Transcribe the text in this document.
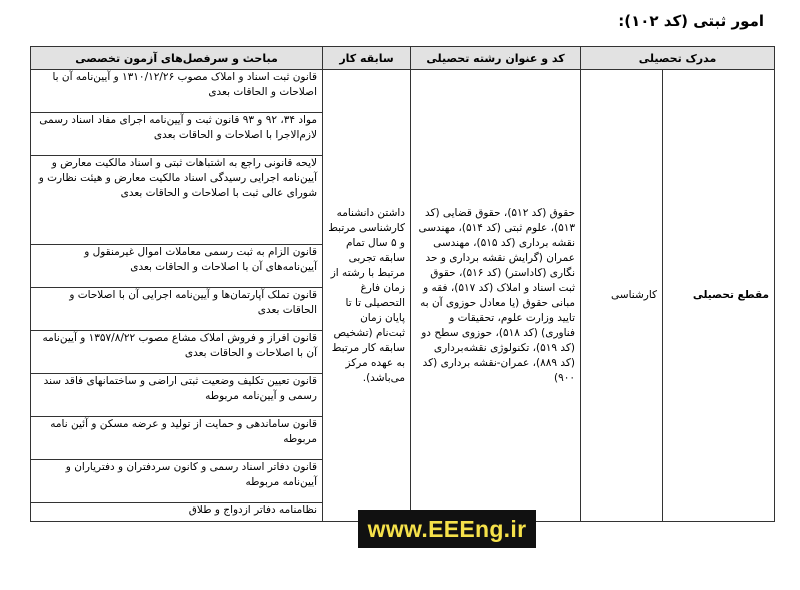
امور ثبتی (کد ۱۰۲):
مدرک تحصیلی		کد و عنوان رشته تحصیلی	سابقه کار	مباحث و سرفصل‌های آزمون تخصصی
مقطع تحصیلی	کارشناسی	حقوق (کد ۵۱۲)، حقوق قضایی (کد ۵۱۳)، علوم ثبتی (کد ۵۱۴)، مهندسی نقشه برداری (کد ۵۱۵)، مهندسی عمران (گرایش نقشه برداری و حد نگاری (کاداستر) (کد ۵۱۶)، حقوق ثبت اسناد و املاک (کد ۵۱۷)، فقه و مبانی حقوق (یا معادل حوزوی آن به تایید وزارت علوم، تحقیقات و فناوری) (کد ۵۱۸)، حوزوی سطح دو (کد ۵۱۹)، تکنولوژی نقشه‌برداری (کد ۸۸۹)، عمران-نقشه برداری (کد ۹۰۰)	داشتن دانشنامه کارشناسی مرتبط و ۵ سال تمام سابقه تجربی مرتبط با رشته از زمان فارغ التحصیلی تا تا پایان زمان ثبت‌نام (تشخیص سابقه کار مرتبط به عهده مرکز می‌باشد).	قانون ثبت اسناد و املاک مصوب ۱۳۱۰/۱۲/۲۶ و آیین‌نامه آن با اصلاحات و الحاقات بعدی
				مواد ۳۴، ۹۲ و ۹۳ قانون ثبت و آیین‌نامه اجرای مفاد اسناد رسمی لازم‌الاجرا با اصلاحات و الحاقات بعدی
				لایحه قانونی راجع به اشتباهات ثبتی و اسناد مالکیت معارض و آیین‌نامه اجرایی رسیدگی اسناد مالکیت معارض و هیئت نظارت و شورای عالی ثبت با اصلاحات و الحاقات بعدی
				قانون الزام به ثبت رسمی معاملات اموال غیرمنقول و آیین‌نامه‌های آن با اصلاحات و الحاقات بعدی
				قانون تملک آپارتمان‌ها و آیین‌نامه اجرایی آن با اصلاحات و الحاقات بعدی
				قانون افراز و فروش املاک مشاع مصوب ۱۳۵۷/۸/۲۲ و آیین‌نامه آن با اصلاحات و الحاقات بعدی
				قانون تعیین تکلیف وضعیت ثبتی اراضی و ساختمانهای فاقد سند رسمی و آیین‌نامه مربوطه
				قانون ساماندهی و حمایت از تولید و عرضه مسکن و آئین نامه مربوطه
				قانون دفاتر اسناد رسمی و کانون سردفتران و دفتریاران و آیین‌نامه مربوطه
				نظامنامه دفاتر ازدواج و طلاق
www.EEEng.ir
